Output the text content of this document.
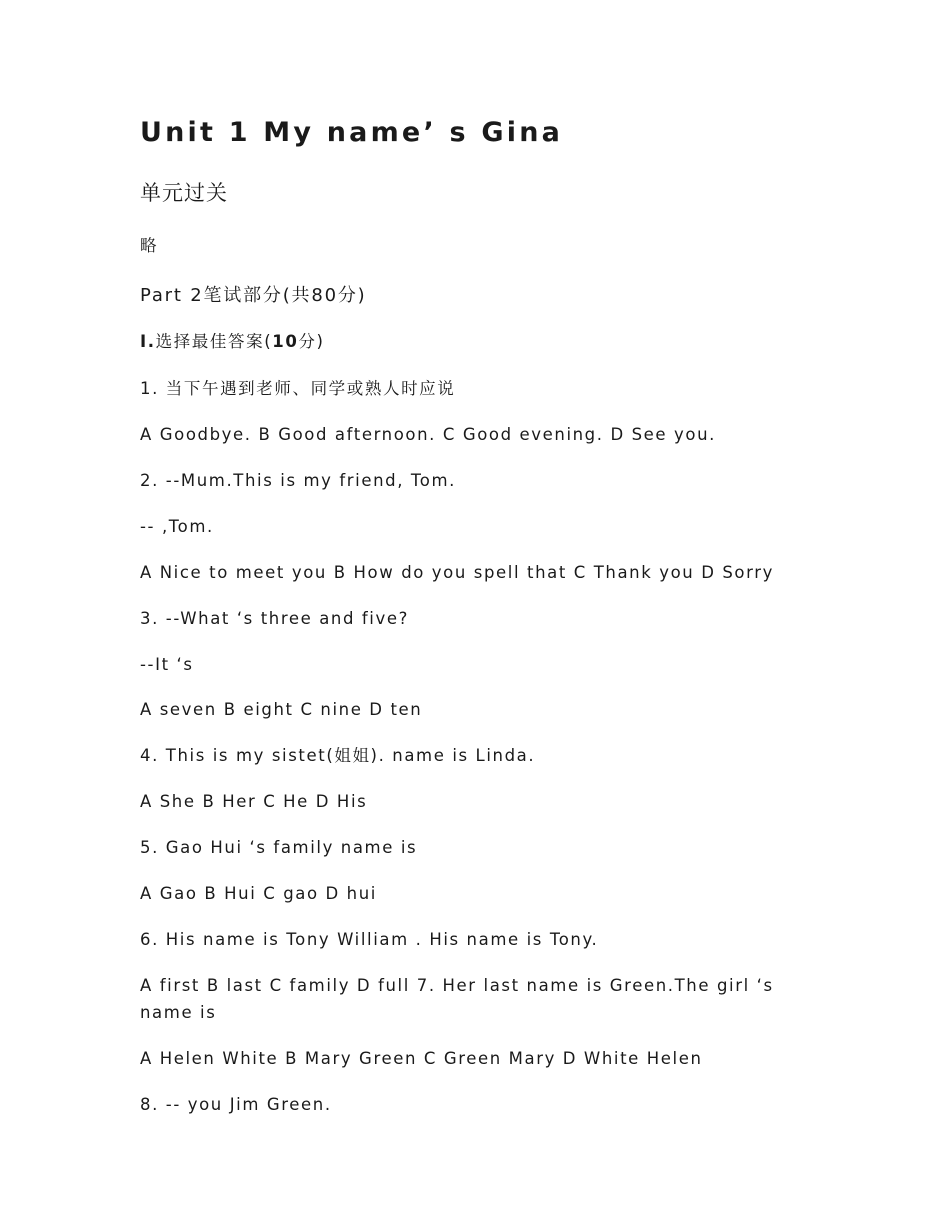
Unit 1 My name’ s Gina
单元过关
略
Part 2笔试部分(共80分)
I.选择最佳答案(10分)
1. 当下午遇到老师、同学或熟人时应说
A Goodbye. B Good afternoon. C Good evening. D See you.
2. --Mum.This is my friend, Tom.
-- ,Tom.
A Nice to meet you B How do you spell that C Thank you D Sorry
3. --What ‘s three and five?
--It ‘s
A seven B eight C nine D ten
4. This is my sistet(姐姐). name is Linda.
A She B Her C He D His
5. Gao Hui ‘s family name is
A Gao B Hui C gao D hui
6. His name is Tony William . His name is Tony.
A first B last C family D full 7. Her last name is Green.The girl ‘s name is
A Helen White B Mary Green C Green Mary D White Helen
8. -- you Jim Green.
